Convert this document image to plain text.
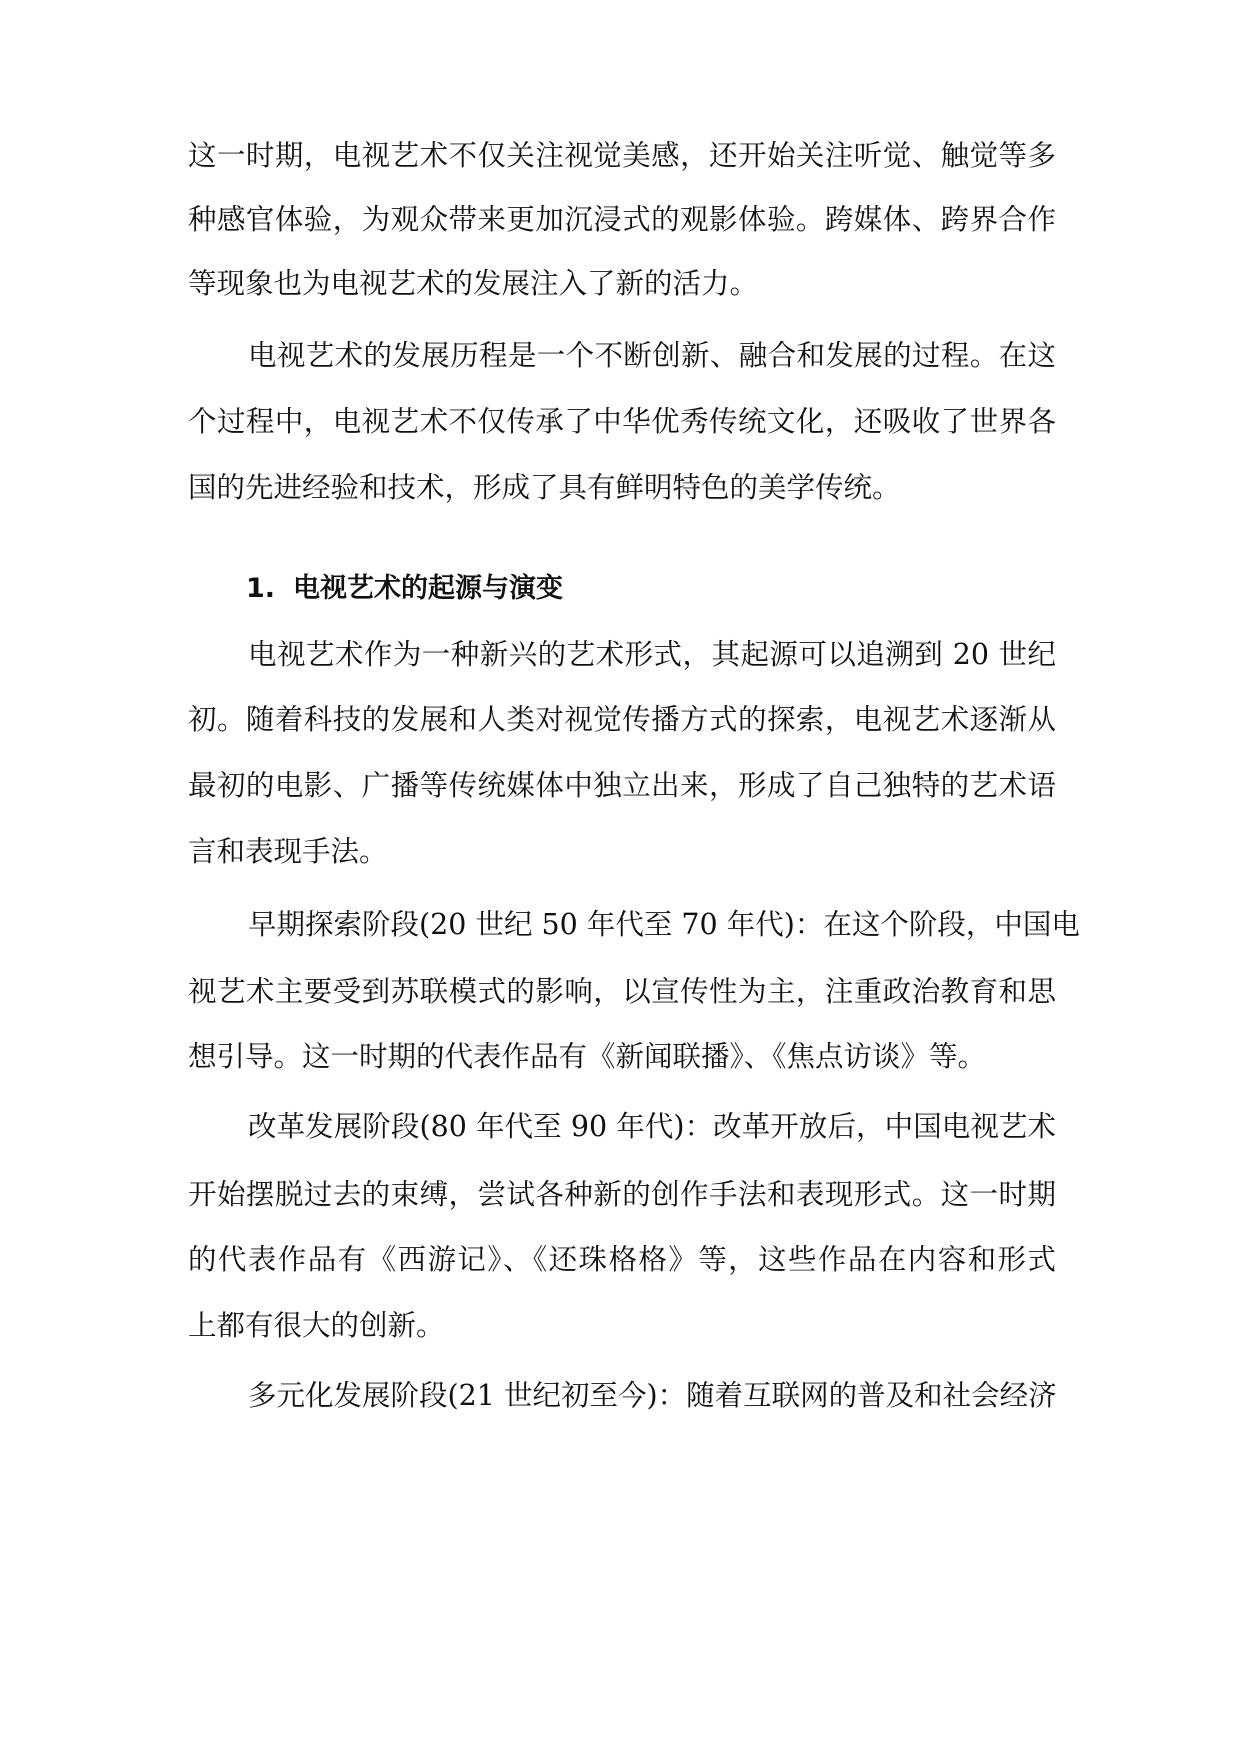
这一时期，电视艺术不仅关注视觉美感，还开始关注听觉、触觉等多
种感官体验，为观众带来更加沉浸式的观影体验。跨媒体、跨界合作
等现象也为电视艺术的发展注入了新的活力。
电视艺术的发展历程是一个不断创新、融合和发展的过程。在这
个过程中，电视艺术不仅传承了中华优秀传统文化，还吸收了世界各
国的先进经验和技术，形成了具有鲜明特色的美学传统。
电视艺术作为一种新兴的艺术形式，其起源可以追溯到 20 世纪
初。随着科技的发展和人类对视觉传播方式的探索，电视艺术逐渐从
最初的电影、广播等传统媒体中独立出来，形成了自己独特的艺术语
言和表现手法。
早期探索阶段(20 世纪 50 年代至 70 年代)：在这个阶段，中国电
视艺术主要受到苏联模式的影响，以宣传性为主，注重政治教育和思
想引导。这一时期的代表作品有《新闻联播》、《焦点访谈》等。
改革发展阶段(80 年代至 90 年代)：改革开放后，中国电视艺术
开始摆脱过去的束缚，尝试各种新的创作手法和表现形式。这一时期
的代表作品有《西游记》、《还珠格格》等，这些作品在内容和形式
上都有很大的创新。
多元化发展阶段(21 世纪初至今)：随着互联网的普及和社会经济
1. 电视艺术的起源与演变
